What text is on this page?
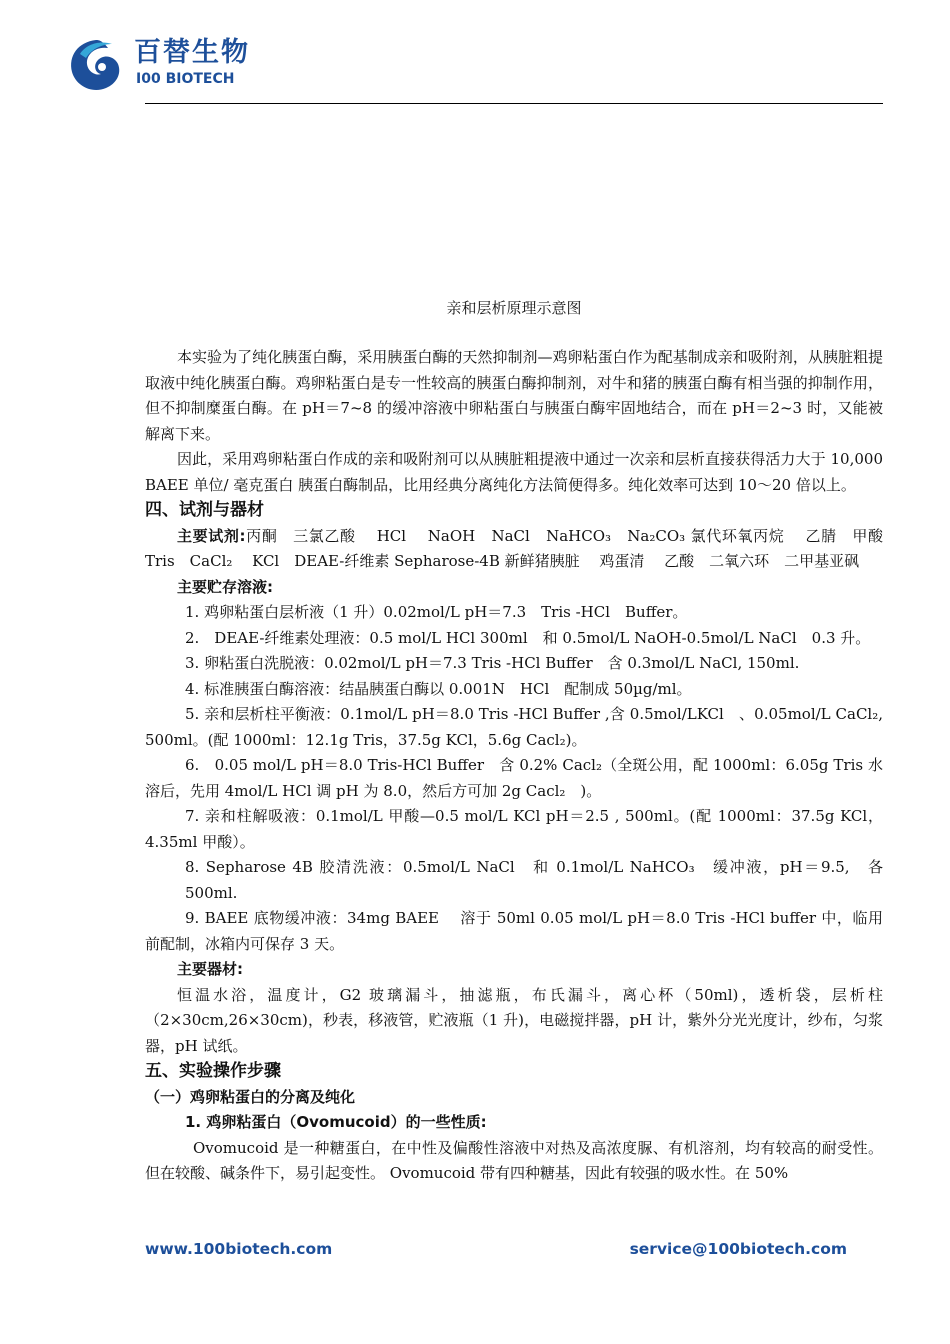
百替生物
I00 BIOTECH
亲和层析原理示意图

本实验为了纯化胰蛋白酶，采用胰蛋白酶的天然抑制剂—鸡卵粘蛋白作为配基制成亲和吸附剂，从胰脏粗提取液中纯化胰蛋白酶。鸡卵粘蛋白是专一性较高的胰蛋白酶抑制剂，对牛和猪的胰蛋白酶有相当强的抑制作用，但不抑制糜蛋白酶。在 pH＝7~8 的缓冲溶液中卵粘蛋白与胰蛋白酶牢固地结合，而在 pH＝2~3 时，又能被解离下来。

因此，采用鸡卵粘蛋白作成的亲和吸附剂可以从胰脏粗提液中通过一次亲和层析直接获得活力大于 10,000 BAEE 单位/ 毫克蛋白 胰蛋白酶制品，比用经典分离纯化方法简便得多。纯化效率可达到 10～20 倍以上。

四、试剂与器材

主要试剂:丙酮　三氯乙酸　 HCl　 NaOH　NaCl　NaHCO₃　Na₂CO₃ 氯代环氧丙烷　 乙腈　甲酸 Tris　CaCl₂　 KCl　DEAE-纤维素 Sepharose-4B 新鲜猪胰脏　 鸡蛋清　 乙酸　二氧六环　二甲基亚砜

主要贮存溶液:

1. 鸡卵粘蛋白层析液（1 升）0.02mol/L pH＝7.3　Tris -HCl　Buffer。

2.　DEAE-纤维素处理液：0.5 mol/L HCl 300ml　和 0.5mol/L NaOH-0.5mol/L NaCl　0.3 升。

3. 卵粘蛋白洗脱液：0.02mol/L pH＝7.3 Tris -HCl Buffer　含 0.3mol/L NaCl, 150ml.

4. 标准胰蛋白酶溶液：结晶胰蛋白酶以 0.001N　HCl　配制成 50µg/ml。

5. 亲和层析柱平衡液：0.1mol/L pH＝8.0 Tris -HCl Buffer ,含 0.5mol/LKCl　、0.05mol/L CaCl₂, 500ml。(配 1000ml：12.1g Tris，37.5g KCl，5.6g Cacl₂)。

6.　0.05 mol/L pH＝8.0 Tris-HCl Buffer　含 0.2% Cacl₂（全斑公用，配 1000ml：6.05g Tris 水溶后，先用 4mol/L HCl 调 pH 为 8.0，然后方可加 2g Cacl₂　)。

7. 亲和柱解吸液：0.1mol/L 甲酸—0.5 mol/L KCl pH＝2.5 , 500ml。(配 1000ml：37.5g KCl，4.35ml 甲酸）。

8. Sepharose 4B 胶清洗液：0.5mol/L NaCl　和 0.1mol/L NaHCO₃　缓冲液，pH＝9.5,　各 500ml.

9. BAEE 底物缓冲液：34mg BAEE　 溶于 50ml 0.05 mol/L pH＝8.0 Tris -HCl buffer 中，临用前配制，冰箱内可保存 3 天。

主要器材:

恒温水浴，温度计，G2 玻璃漏斗，抽滤瓶，布氏漏斗，离心杯（50ml)，透析袋，层析柱（2×30cm,26×30cm)，秒表，移液管，贮液瓶（1 升)，电磁搅拌器，pH 计，紫外分光光度计，纱布，匀浆器，pH 试纸。

五、实验操作步骤

（一）鸡卵粘蛋白的分离及纯化

1. 鸡卵粘蛋白（Ovomucoid）的一些性质:

Ovomucoid 是一种糖蛋白，在中性及偏酸性溶液中对热及高浓度脲、有机溶剂，均有较高的耐受性。但在较酸、碱条件下，易引起变性。 Ovomucoid 带有四种糖基，因此有较强的吸水性。在 50%

www.100biotech.com	service@100biotech.com
